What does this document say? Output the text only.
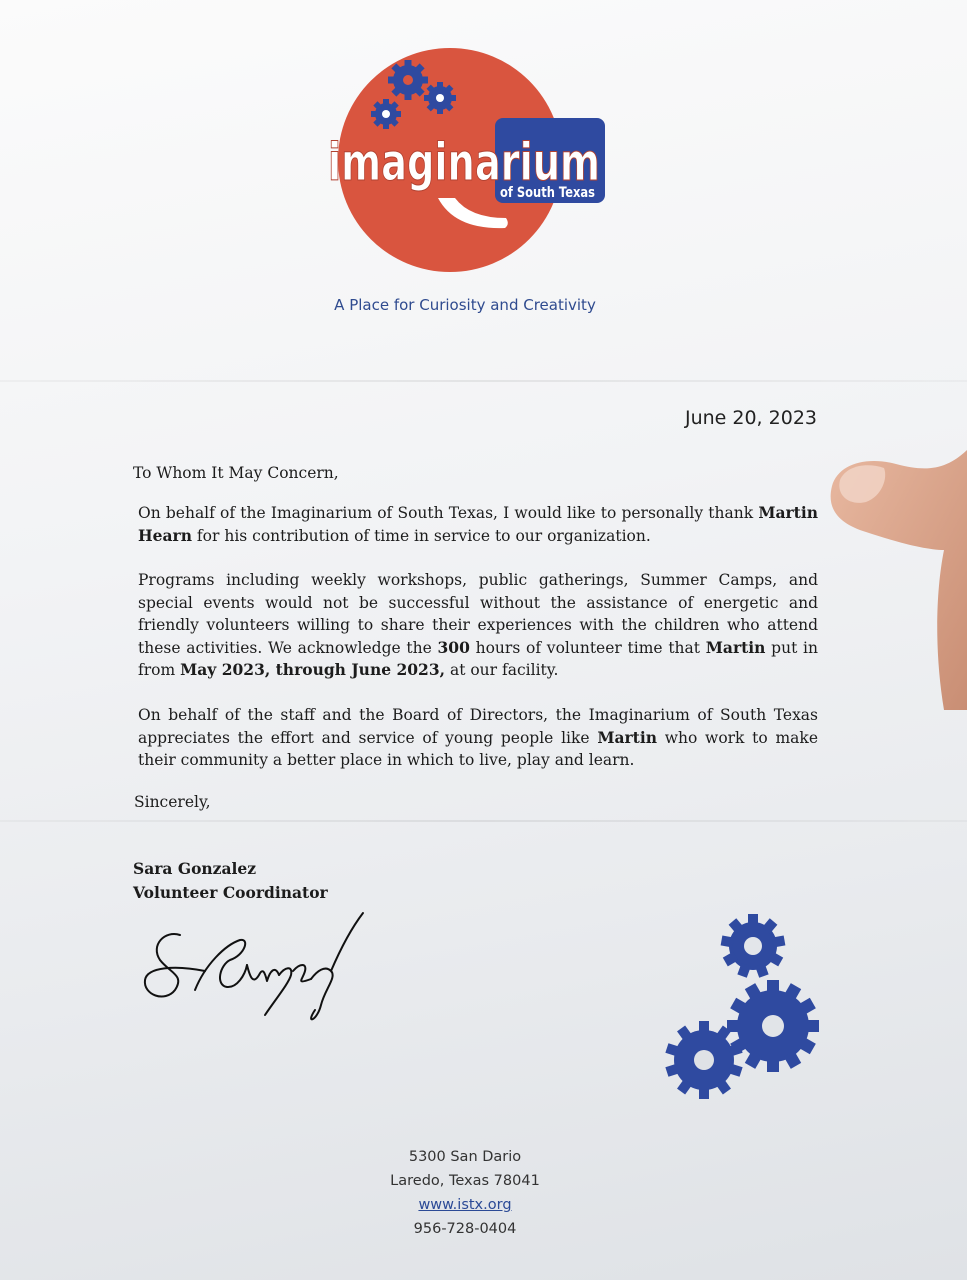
imaginarium
of South Texas
A Place for Curiosity and Creativity
June 20, 2023
To Whom It May Concern,
On behalf of the Imaginarium of South Texas, I would like to personally thank Martin Hearn for his contribution of time in service to our organization.
Programs including weekly workshops, public gatherings, Summer Camps, and special events would not be successful without the assistance of energetic and friendly volunteers willing to share their experiences with the children who attend these activities. We acknowledge the 300 hours of volunteer time that Martin put in from May 2023, through June 2023, at our facility.
On behalf of the staff and the Board of Directors, the Imaginarium of South Texas appreciates the effort and service of young people like Martin who work to make their community a better place in which to live, play and learn.
Sincerely,
Sara Gonzalez
Volunteer Coordinator
5300 San Dario
Laredo, Texas 78041
www.istx.org
956-728-0404
